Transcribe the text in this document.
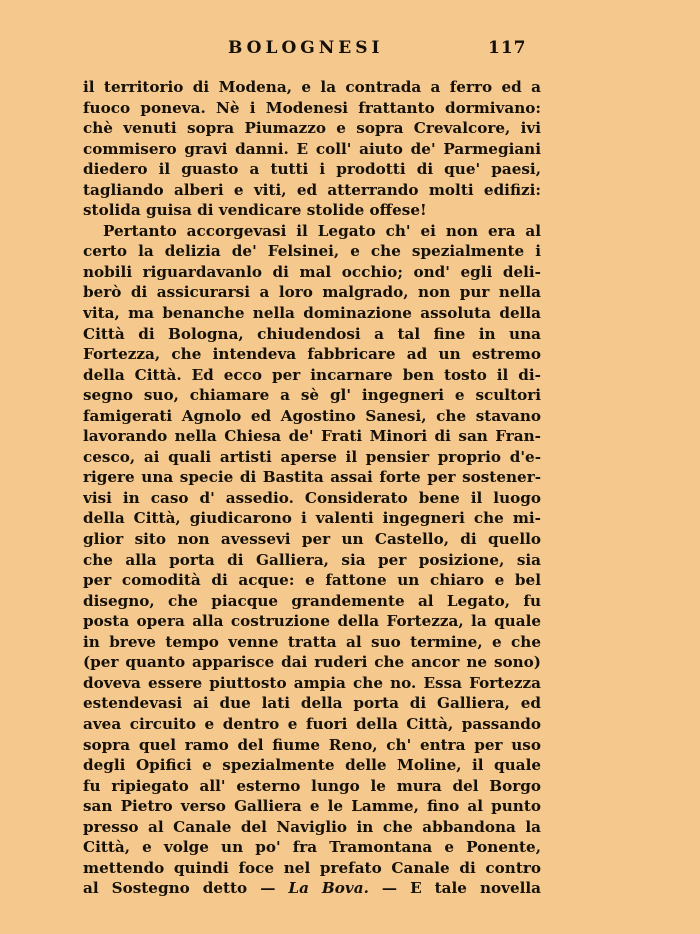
BOLOGNESI	117
il territorio di Modena, e la contrada a ferro ed a
fuoco poneva. Nè i Modenesi frattanto dormivano:
chè venuti sopra Piumazzo e sopra Crevalcore, ivi
commisero gravi danni. E coll' aiuto de' Parmegiani
diedero il guasto a tutti i prodotti di que' paesi,
tagliando alberi e viti, ed atterrando molti edifizi:
stolida guisa di vendicare stolide offese!
Pertanto accorgevasi il Legato ch' ei non era al
certo la delizia de' Felsinei, e che spezialmente i
nobili riguardavanlo di mal occhio; ond' egli deli-
berò di assicurarsi a loro malgrado, non pur nella
vita, ma benanche nella dominazione assoluta della
Città di Bologna, chiudendosi a tal fine in una
Fortezza, che intendeva fabbricare ad un estremo
della Città. Ed ecco per incarnare ben tosto il di-
segno suo, chiamare a sè gl' ingegneri e scultori
famigerati Agnolo ed Agostino Sanesi, che stavano
lavorando nella Chiesa de' Frati Minori di san Fran-
cesco, ai quali artisti aperse il pensier proprio d'e-
rigere una specie di Bastita assai forte per sostener-
visi in caso d' assedio. Considerato bene il luogo
della Città, giudicarono i valenti ingegneri che mi-
glior sito non avessevi per un Castello, di quello
che alla porta di Galliera, sia per posizione, sia
per comodità di acque: e fattone un chiaro e bel
disegno, che piacque grandemente al Legato, fu
posta opera alla costruzione della Fortezza, la quale
in breve tempo venne tratta al suo termine, e che
(per quanto apparisce dai ruderi che ancor ne sono)
doveva essere piuttosto ampia che no. Essa Fortezza
estendevasi ai due lati della porta di Galliera, ed
avea circuito e dentro e fuori della Città, passando
sopra quel ramo del fiume Reno, ch' entra per uso
degli Opifici e spezialmente delle Moline, il quale
fu ripiegato all' esterno lungo le mura del Borgo
san Pietro verso Galliera e le Lamme, fino al punto
presso al Canale del Naviglio in che abbandona la
Città, e volge un po' fra Tramontana e Ponente,
mettendo quindi foce nel prefato Canale di contro
al Sostegno detto — La Bova. — E tale novella
